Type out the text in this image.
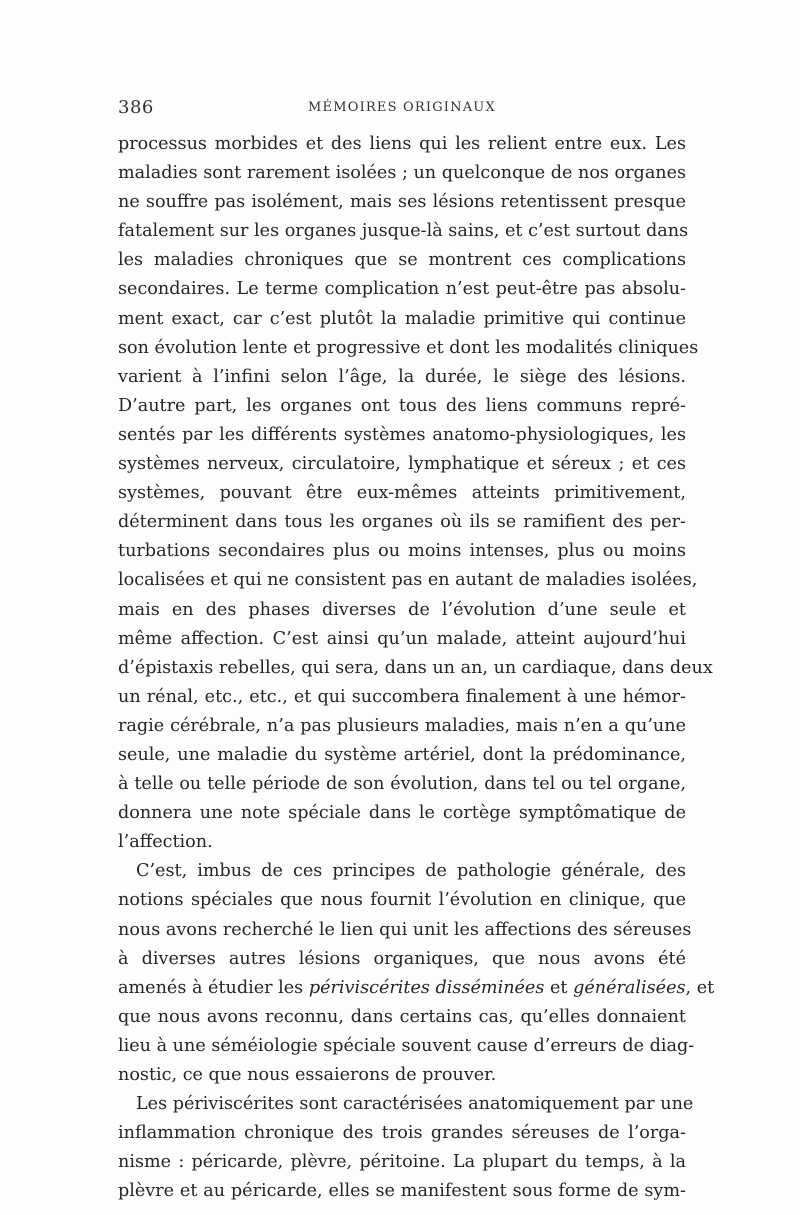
386	MÉMOIRES ORIGINAUX
processus morbides et des liens qui les relient entre eux. Les
maladies sont rarement isolées ; un quelconque de nos organes
ne souffre pas isolément, mais ses lésions retentissent presque
fatalement sur les organes jusque-là sains, et c’est surtout dans
les maladies chroniques que se montrent ces complications
secondaires. Le terme complication n’est peut-être pas absolu-
ment exact, car c’est plutôt la maladie primitive qui continue
son évolution lente et progressive et dont les modalités cliniques
varient à l’infini selon l’âge, la durée, le siège des lésions.
D’autre part, les organes ont tous des liens communs repré-
sentés par les différents systèmes anatomo-physiologiques, les
systèmes nerveux, circulatoire, lymphatique et séreux ; et ces
systèmes, pouvant être eux-mêmes atteints primitivement,
déterminent dans tous les organes où ils se ramifient des per-
turbations secondaires plus ou moins intenses, plus ou moins
localisées et qui ne consistent pas en autant de maladies isolées,
mais en des phases diverses de l’évolution d’une seule et
même affection. C’est ainsi qu’un malade, atteint aujourd’hui
d’épistaxis rebelles, qui sera, dans un an, un cardiaque, dans deux
un rénal, etc., etc., et qui succombera finalement à une hémor-
ragie cérébrale, n’a pas plusieurs maladies, mais n’en a qu’une
seule, une maladie du système artériel, dont la prédominance,
à telle ou telle période de son évolution, dans tel ou tel organe,
donnera une note spéciale dans le cortège symptômatique de
l’affection.
C’est, imbus de ces principes de pathologie générale, des
notions spéciales que nous fournit l’évolution en clinique, que
nous avons recherché le lien qui unit les affections des séreuses
à diverses autres lésions organiques, que nous avons été
amenés à étudier les périviscérites disséminées et généralisées, et
que nous avons reconnu, dans certains cas, qu’elles donnaient
lieu à une séméiologie spéciale souvent cause d’erreurs de diag-
nostic, ce que nous essaierons de prouver.
Les périviscérites sont caractérisées anatomiquement par une
inflammation chronique des trois grandes séreuses de l’orga-
nisme : péricarde, plèvre, péritoine. La plupart du temps, à la
plèvre et au péricarde, elles se manifestent sous forme de sym-
